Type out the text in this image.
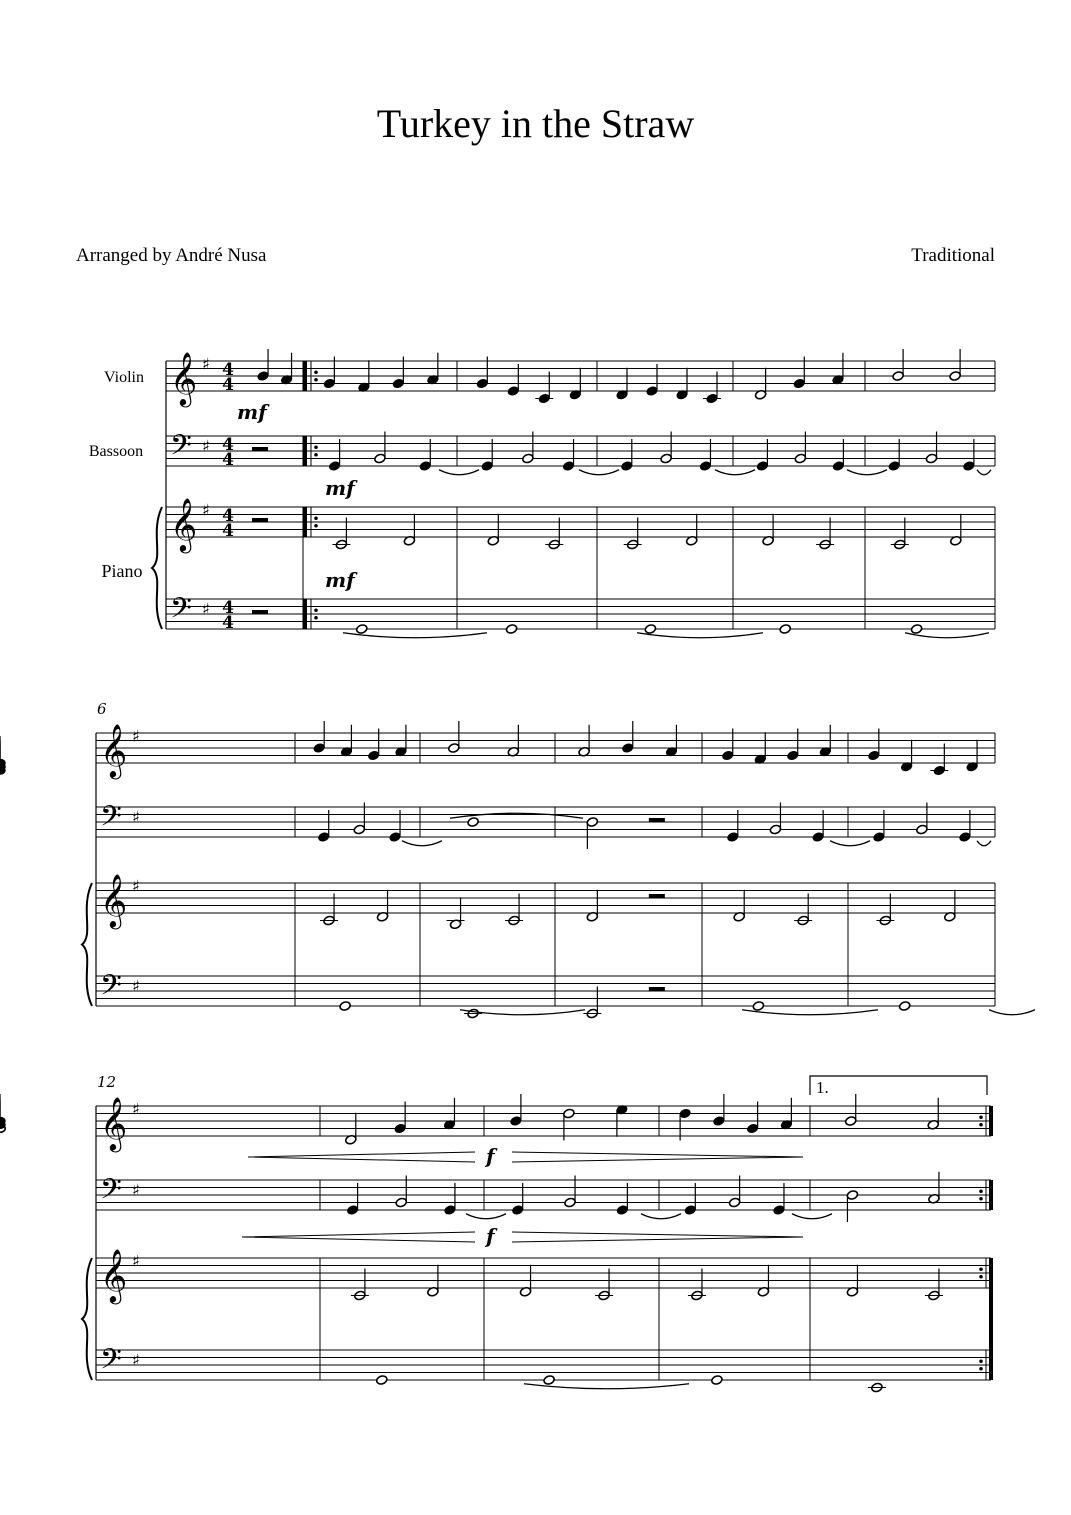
Turkey in the Straw
Arranged by André Nusa	Traditional
Violin
Bassoon
Piano
6
12	1.
mf
mf
mf
f
f
𝄞 ♯ 4
4
𝄢 ♯ 4
4
𝄞 ♯ 4
4
𝄢 ♯ 4
4
𝄞 ♯
𝄢 ♯
𝄞 ♯
𝄢 ♯
𝄞 ♯
𝄢 ♯
𝄞 ♯
𝄢 ♯
